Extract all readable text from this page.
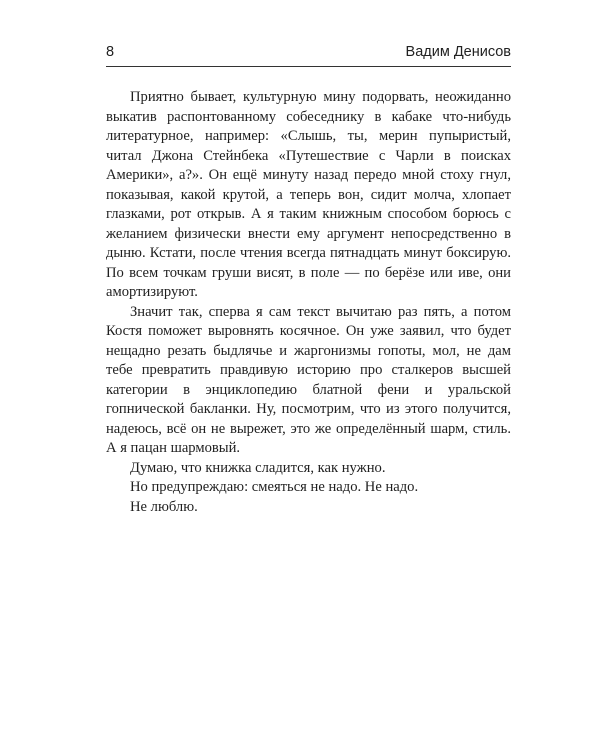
8	Вадим Денисов

Приятно бывает, культурную мину подорвать, неожиданно выкатив распонтованному собеседнику в кабаке что-нибудь литературное, например: «Слышь, ты, мерин пупыристый, читал Джона Стейнбека «Путешествие с Чарли в поисках Америки», а?». Он ещё минуту назад передо мной стоху гнул, показывая, какой крутой, а теперь вон, сидит молча, хлопает глазками, рот открыв. А я таким книжным способом борюсь с желанием физически внести ему аргумент непосредственно в дыню. Кстати, после чтения всегда пятнадцать минут боксирую. По всем точкам груши висят, в поле — по берёзе или иве, они амортизируют.

Значит так, сперва я сам текст вычитаю раз пять, а потом Костя поможет выровнять косячное. Он уже заявил, что будет нещадно резать быдлячье и жаргонизмы гопоты, мол, не дам тебе превратить правдивую историю про сталкеров высшей категории в энциклопедию блатной фени и уральской гопнической бакланки. Ну, посмотрим, что из этого получится, надеюсь, всё он не вырежет, это же определённый шарм, стиль. А я пацан шармовый.

Думаю, что книжка сладится, как нужно.

Но предупреждаю: смеяться не надо. Не надо.

Не люблю.
